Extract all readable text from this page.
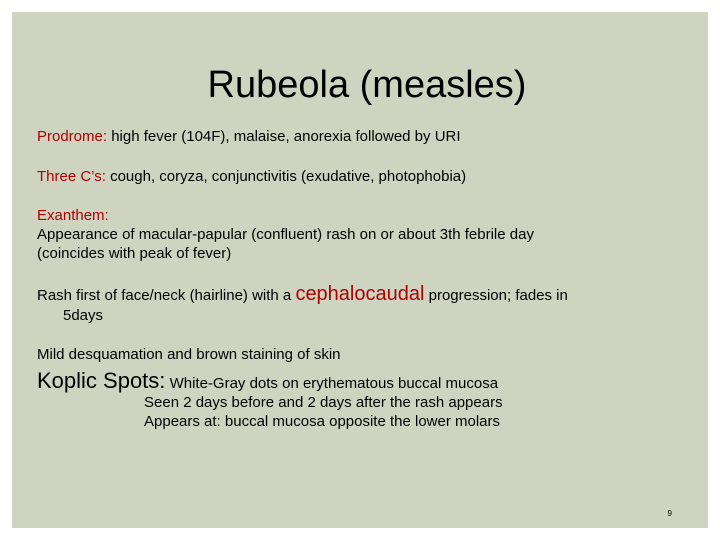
Rubeola (measles)
Prodrome: high fever (104F), malaise, anorexia followed by URI
Three C’s: cough, coryza, conjunctivitis (exudative, photophobia)
Exanthem:
Appearance of macular-papular (confluent) rash on or about 3th febrile day
(coincides with peak of fever)
Rash first of face/neck (hairline) with a cephalocaudal progression; fades in
5days
Mild desquamation and brown staining of skin
Koplic Spots: White-Gray dots on erythematous buccal mucosa
Seen 2 days before and 2 days after the rash appears
Appears at: buccal mucosa opposite the lower molars
9
